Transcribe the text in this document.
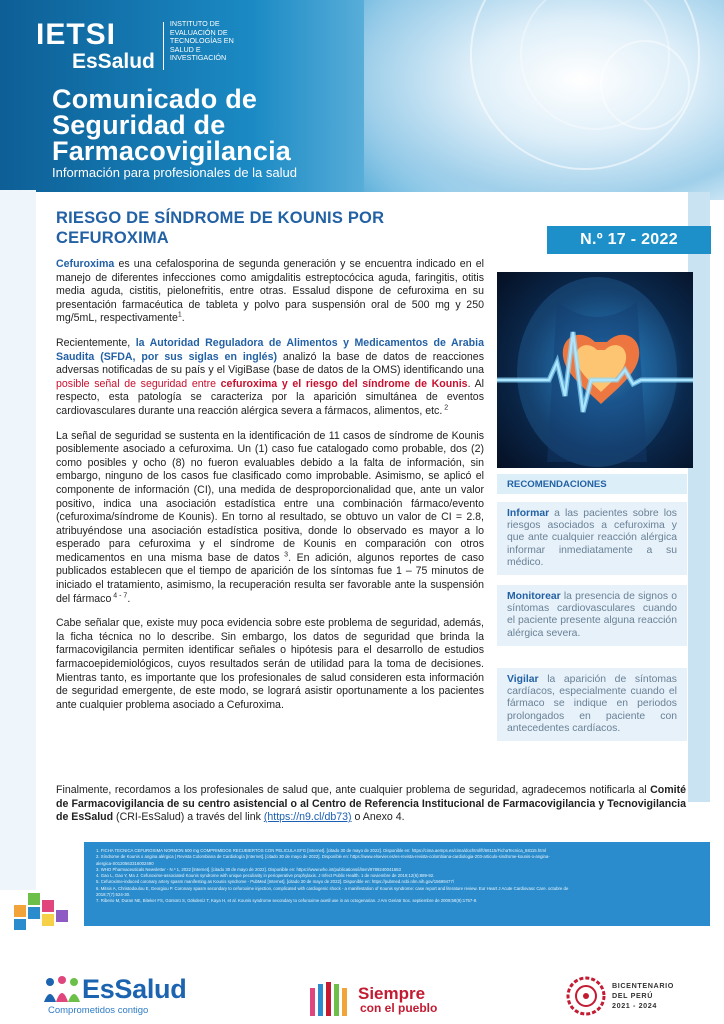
IETSI
EsSalud
INSTITUTO DE
EVALUACIÓN DE
TECNOLOGÍAS EN
SALUD E
INVESTIGACIÓN
Comunicado de
Seguridad de
Farmacovigilancia
Información para profesionales de la salud
RIESGO DE SÍNDROME DE KOUNIS POR
CEFUROXIMA	N.º 17 - 2022

Cefuroxima es una cefalosporina de segunda generación y se encuentra indicado en el manejo de diferentes infecciones como amigdalitis estreptocócica aguda, faringitis, otitis media aguda, cistitis, pielonefritis, entre otras. Essalud dispone de cefuroxima en su presentación farmacéutica de tableta y polvo para suspensión oral de 500 mg y 250 mg/5mL, respectivamente$^1$.

Recientemente, la Autoridad Reguladora de Alimentos y Medicamentos de Arabia Saudita (SFDA, por sus siglas en inglés) analizó la base de datos de reacciones adversas notificadas de su país y el VigiBase (base de datos de la OMS) identificando una posible señal de seguridad entre cefuroxima y el riesgo del síndrome de Kounis. Al respecto, esta patología se caracteriza por la aparición simultánea de eventos cardiovasculares durante una reacción alérgica severa a fármacos, alimentos, etc. $^2$

La señal de seguridad se sustenta en la identificación de 11 casos de síndrome de Kounis posiblemente asociado a cefuroxima. Un (1) caso fue catalogado como probable, dos (2) como posibles y ocho (8) no fueron evaluables debido a la falta de información, sin embargo, ninguno de los casos fue clasificado como improbable. Asimismo, se aplicó el componente de información (CI), una medida de desproporcionalidad que, ante un valor positivo, indica una asociación estadística entre una combinación fármaco/evento (cefuroxima/síndrome de Kounis). En torno al resultado, se obtuvo un valor de CI = 2.8, atribuyéndose una asociación estadística positiva, donde lo observado es mayor a lo esperado para cefuroxima y el síndrome de Kounis en comparación con otros medicamentos en una misma base de datos $^3$. En adición, algunos reportes de caso publicados establecen que el tiempo de aparición de los síntomas fue 1 – 75 minutos de iniciado el tratamiento, asimismo, la recuperación resulta ser favorable ante la suspensión del fármaco $^{4 - 7}$.

Cabe señalar que, existe muy poca evidencia sobre este problema de seguridad, además, la ficha técnica no lo describe. Sin embargo, los datos de seguridad que brinda la farmacovigilancia permiten identificar señales o hipótesis para el desarrollo de estudios farmacoepidemiológicos, cuyos resultados serán de utilidad para la toma de decisiones. Mientras tanto, es importante que los profesionales de salud consideren esta información de seguridad emergente, de este modo, se logrará asistir oportunamente a los pacientes ante cualquier problema asociado a Cefuroxima.

RECOMENDACIONES
Informar a las pacientes sobre los riesgos asociados a cefuroxima y que ante cualquier reacción alérgica informar inmediatamente a su médico.
Monitorear la presencia de signos o síntomas cardiovasculares cuando el paciente presente alguna reacción alérgica severa.
Vigilar la aparición de síntomas cardíacos, especialmente cuando el fármaco se indique en periodos prolongados en paciente con antecedentes cardíacos.
Finalmente, recordamos a los profesionales de salud que, ante cualquier problema de seguridad, agradecemos notificarla al Comité de Farmacovigilancia de su centro asistencial o al Centro de Referencia Institucional de Farmacovigilancia y Tecnovigilancia de EsSalud (CRI-EsSalud) a través del link (https://n9.cl/db73) o Anexo 4.
1. FICHA TECNICA CEFUROXIMA NORMON 500 mg COMPRIMIDOS RECUBIERTOS CON PELICULA EFG [Internet]. [citado 30 de mayo de 2022]. Disponible en: https://cima.aemps.es/cima/dochtml/ft/68115/FichaTecnica_68115.html
2. Síndrome de Kounis o angina alérgica | Revista Colombiana de Cardiología [Internet]. [citado 30 de mayo de 2022]. Disponible en: https://www.elsevier.es/es-revista-revista-colombiana-cardiologia-203-articulo-sindrome-kounis-o-angina-
alergica-S0120563316002490
3. WHO Pharmaceuticals Newsletter - N.º 1, 2022 [Internet]. [citado 30 de mayo de 2022]. Disponible en: https://www.who.int/publications/i/item/9789240041653
4. Gao L, Gao Y, Ma J. Cefuroxime-associated Kounis syndrome with unique peculiarity in perioperative prophylaxis. J Infect Public Health. 1 de noviembre de 2019;12(6):889-92.
5. Cefuroxime-induced coronary artery spasm manifesting as Kounis syndrome - PubMed [Internet]. [citado 30 de mayo de 2022]. Disponible en: https://pubmed.ncbi.nlm.nih.gov/15699477/
6. Mitsis A, Christodoulou E, Georgiou P. Coronary spasm secondary to cefuroxime injection, complicated with cardiogenic shock - a manifestation of Kounis syndrome: case report and literature review. Eur Heart J Acute Cardiovasc Care. octubre de
2018;7(7):624-30.
7. Ribeiro M, Duran NE, Biteker FS, Gürsürü S, Gökdeniz T, Kaya H, et al. Kounis syndrome secondary to cefuroxime axetil use in an octogenarian. J Am Geriatr Soc. septiembre de 2009;58(9):1757-8.
EsSalud
Comprometidos contigo
Siempre
con el pueblo
BICENTENARIO
DEL PERÚ
2021 - 2024
